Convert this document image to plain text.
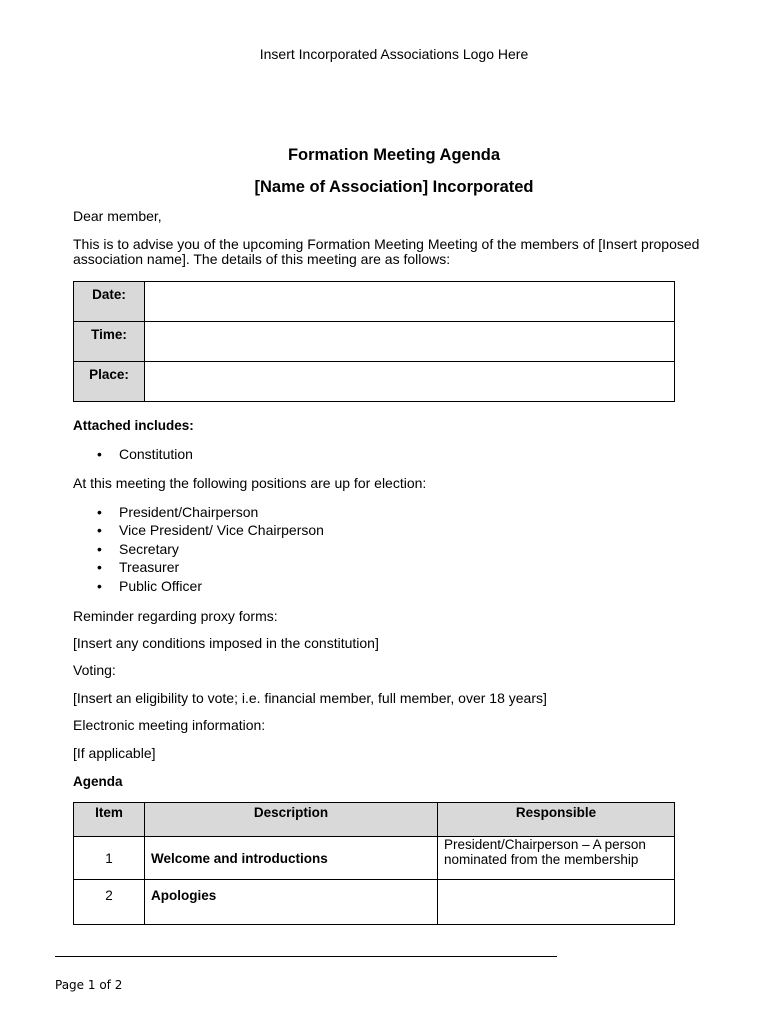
Insert Incorporated Associations Logo Here
Formation Meeting Agenda
[Name of Association] Incorporated
Dear member,
This is to advise you of the upcoming Formation Meeting Meeting of the members of [Insert proposed
association name]. The details of this meeting are as follows:
Date:	
Time:	
Place:	
Attached includes:
• Constitution
At this meeting the following positions are up for election:
• President/Chairperson
• Vice President/ Vice Chairperson
• Secretary
• Treasurer
• Public Officer
Reminder regarding proxy forms:
[Insert any conditions imposed in the constitution]
Voting:
[Insert an eligibility to vote; i.e. financial member, full member, over 18 years]
Electronic meeting information:
[If applicable]
Agenda
Item	Description	Responsible
1	Welcome and introductions	President/Chairperson – A person nominated from the membership
2	Apologies	
Page 1 of 2
